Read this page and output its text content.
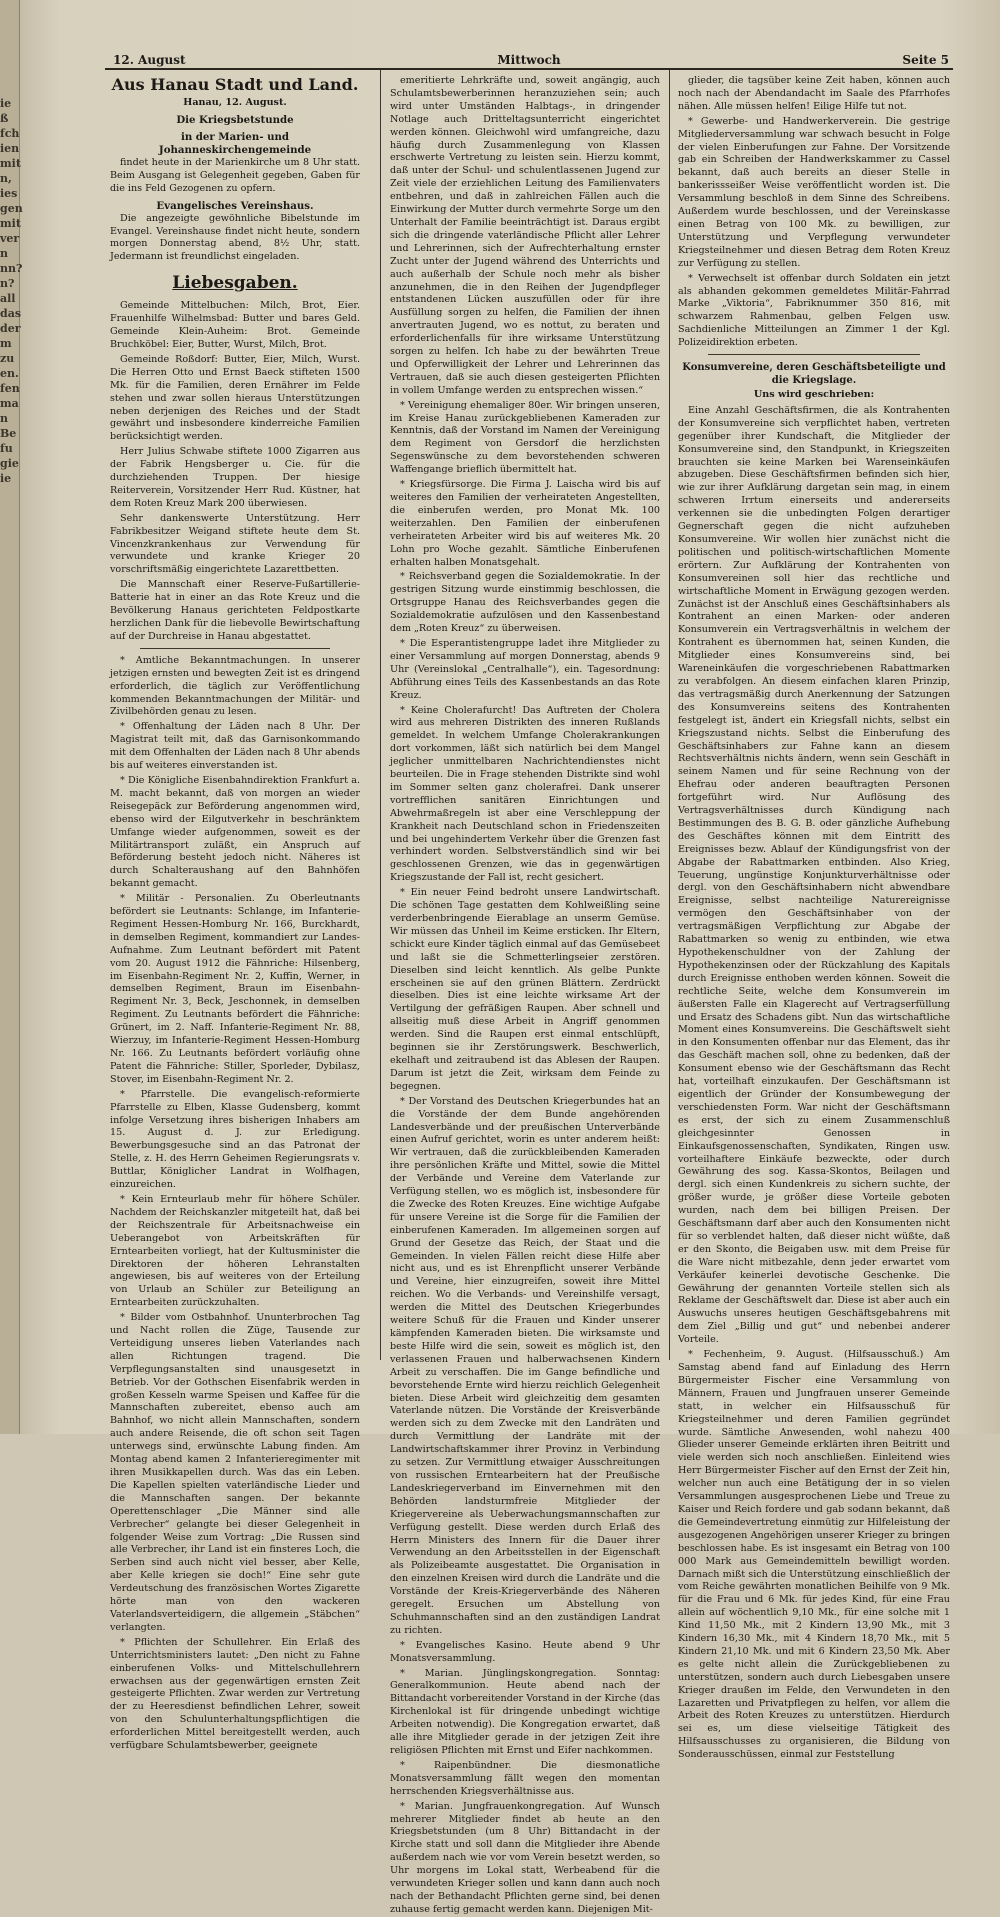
ie
ß
fch
ien
mit
n,
ies
gen
mit
ver
n
nn?
n?
all
das
der
m
zu
en.
fen
ma
n
Be
fu
gie
ie
12. August	Mittwoch	Seite 5
Aus Hanau Stadt und Land.

Hanau, 12. August.

Die Kriegsbetstunde
in der Marien- und Johanneskirchengemeinde

findet heute in der Marienkirche um 8 Uhr statt. Beim Ausgang ist Gelegenheit gegeben, Gaben für die ins Feld Gezogenen zu opfern.

Evangelisches Vereinshaus.

Die angezeigte gewöhnliche Bibelstunde im Evangel. Vereinshause findet nicht heute, sondern morgen Donnerstag abend, 8½ Uhr, statt. Jedermann ist freundlichst eingeladen.

Liebesgaben.

Gemeinde Mittelbuchen: Milch, Brot, Eier. Frauenhilfe Wilhelmsbad: Butter und bares Geld. Gemeinde Klein-Auheim: Brot. Gemeinde Bruchköbel: Eier, Butter, Wurst, Milch, Brot.

Gemeinde Roßdorf: Butter, Eier, Milch, Wurst. Die Herren Otto und Ernst Baeck stifteten 1500 Mk. für die Familien, deren Ernährer im Felde stehen und zwar sollen hieraus Unterstützungen neben derjenigen des Reiches und der Stadt gewährt und insbesondere kinderreiche Familien berücksichtigt werden.

Herr Julius Schwabe stiftete 1000 Zigarren aus der Fabrik Hengsberger u. Cie. für die durchziehenden Truppen. Der hiesige Reiterverein, Vorsitzender Herr Rud. Küstner, hat dem Roten Kreuz Mark 200 überwiesen.

Sehr dankenswerte Unterstützung. Herr Fabrikbesitzer Weigand stiftete heute dem St. Vincenzkrankenhaus zur Verwendung für verwundete und kranke Krieger 20 vorschriftsmäßig eingerichtete Lazarettbetten.

Die Mannschaft einer Reserve-Fußartillerie-Batterie hat in einer an das Rote Kreuz und die Bevölkerung Hanaus gerichteten Feldpostkarte herzlichen Dank für die liebevolle Bewirtschaftung auf der Durchreise in Hanau abgestattet.

* Amtliche Bekanntmachungen. In unserer jetzigen ernsten und bewegten Zeit ist es dringend erforderlich, die täglich zur Veröffentlichung kommenden Bekanntmachungen der Militär- und Zivilbehörden genau zu lesen.

* Offenhaltung der Läden nach 8 Uhr. Der Magistrat teilt mit, daß das Garnisonkommando mit dem Offenhalten der Läden nach 8 Uhr abends bis auf weiteres einverstanden ist.

* Die Königliche Eisenbahndirektion Frankfurt a. M. macht bekannt, daß von morgen an wieder Reisegepäck zur Beförderung angenommen wird, ebenso wird der Eilgutverkehr in beschränktem Umfange wieder aufgenommen, soweit es der Militärtransport zuläßt, ein Anspruch auf Beförderung besteht jedoch nicht. Näheres ist durch Schalteraushang auf den Bahnhöfen bekannt gemacht.

* Militär - Personalien. Zu Oberleutnants befördert sie Leutnants: Schlange, im Infanterie-Regiment Hessen-Homburg Nr. 166, Burckhardt, in demselben Regiment, kommandiert zur Landes-Aufnahme. Zum Leutnant befördert mit Patent vom 20. August 1912 die Fähnriche: Hilsenberg, im Eisenbahn-Regiment Nr. 2, Kuffin, Werner, in demselben Regiment, Braun im Eisenbahn-Regiment Nr. 3, Beck, Jeschonnek, in demselben Regiment. Zu Leutnants befördert die Fähnriche: Grünert, im 2. Naff. Infanterie-Regiment Nr. 88, Wierzuy, im Infanterie-Regiment Hessen-Homburg Nr. 166. Zu Leutnants befördert vorläufig ohne Patent die Fähnriche: Stiller, Sporleder, Dybilasz, Stover, im Eisenbahn-Regiment Nr. 2.

* Pfarrstelle. Die evangelisch-reformierte Pfarrstelle zu Elben, Klasse Gudensberg, kommt infolge Versetzung ihres bisherigen Inhabers am 15. August d. J. zur Erledigung. Bewerbungsgesuche sind an das Patronat der Stelle, z. H. des Herrn Geheimen Regierungsrats v. Buttlar, Königlicher Landrat in Wolfhagen, einzureichen.

* Kein Ernteurlaub mehr für höhere Schüler. Nachdem der Reichskanzler mitgeteilt hat, daß bei der Reichszentrale für Arbeitsnachweise ein Ueberangebot von Arbeitskräften für Erntearbeiten vorliegt, hat der Kultusminister die Direktoren der höheren Lehranstalten angewiesen, bis auf weiteres von der Erteilung von Urlaub an Schüler zur Beteiligung an Erntearbeiten zurückzuhalten.

* Bilder vom Ostbahnhof. Ununterbrochen Tag und Nacht rollen die Züge, Tausende zur Verteidigung unseres lieben Vaterlandes nach allen Richtungen tragend. Die Verpflegungsanstalten sind unausgesetzt in Betrieb. Vor der Gothschen Eisenfabrik werden in großen Kesseln warme Speisen und Kaffee für die Mannschaften zubereitet, ebenso auch am Bahnhof, wo nicht allein Mannschaften, sondern auch andere Reisende, die oft schon seit Tagen unterwegs sind, erwünschte Labung finden. Am Montag abend kamen 2 Infanterieregimenter mit ihren Musikkapellen durch. Was das ein Leben. Die Kapellen spielten vaterländische Lieder und die Mannschaften sangen. Der bekannte Operettenschlager „Die Männer sind alle Verbrecher“ gelangte bei dieser Gelegenheit in folgender Weise zum Vortrag: „Die Russen sind alle Verbrecher, ihr Land ist ein finsteres Loch, die Serben sind auch nicht viel besser, aber Kelle, aber Kelle kriegen sie doch!“ Eine sehr gute Verdeutschung des französischen Wortes Zigarette hörte man von den wackeren Vaterlandsverteidigern, die allgemein „Stäbchen“ verlangten.

* Pflichten der Schullehrer. Ein Erlaß des Unterrichtsministers lautet: „Den nicht zu Fahne einberufenen Volks- und Mittelschullehrern erwachsen aus der gegenwärtigen ernsten Zeit gesteigerte Pflichten. Zwar werden zur Vertretung der zu Heeresdienst befindlichen Lehrer, soweit von den Schulunterhaltungspflichtigen die erforderlichen Mittel bereitgestellt werden, auch verfügbare Schulamtsbewerber, geeignete

emeritierte Lehrkräfte und, soweit angängig, auch Schulamtsbewerberinnen heranzuziehen sein; auch wird unter Umständen Halbtags-, in dringender Notlage auch Dritteltagsunterricht eingerichtet werden können. Gleichwohl wird umfangreiche, dazu häufig durch Zusammenlegung von Klassen erschwerte Vertretung zu leisten sein. Hierzu kommt, daß unter der Schul- und schulentlassenen Jugend zur Zeit viele der erziehlichen Leitung des Familienvaters entbehren, und daß in zahlreichen Fällen auch die Einwirkung der Mutter durch vermehrte Sorge um den Unterhalt der Familie beeinträchtigt ist. Daraus ergibt sich die dringende vaterländische Pflicht aller Lehrer und Lehrerinnen, sich der Aufrechterhaltung ernster Zucht unter der Jugend während des Unterrichts und auch außerhalb der Schule noch mehr als bisher anzunehmen, die in den Reihen der Jugendpfleger entstandenen Lücken auszufüllen oder für ihre Ausfüllung sorgen zu helfen, die Familien der ihnen anvertrauten Jugend, wo es nottut, zu beraten und erforderlichenfalls für ihre wirksame Unterstützung sorgen zu helfen. Ich habe zu der bewährten Treue und Opferwilligkeit der Lehrer und Lehrerinnen das Vertrauen, daß sie auch diesen gesteigerten Pflichten in vollem Umfange werden zu entsprechen wissen.“

* Vereinigung ehemaliger 80er. Wir bringen unseren, im Kreise Hanau zurückgebliebenen Kameraden zur Kenntnis, daß der Vorstand im Namen der Vereinigung dem Regiment von Gersdorf die herzlichsten Segenswünsche zu dem bevorstehenden schweren Waffengange brieflich übermittelt hat.

* Kriegsfürsorge. Die Firma J. Laischa wird bis auf weiteres den Familien der verheirateten Angestellten, die einberufen werden, pro Monat Mk. 100 weiterzahlen. Den Familien der einberufenen verheirateten Arbeiter wird bis auf weiteres Mk. 20 Lohn pro Woche gezahlt. Sämtliche Einberufenen erhalten halben Monatsgehalt.

* Reichsverband gegen die Sozialdemokratie. In der gestrigen Sitzung wurde einstimmig beschlossen, die Ortsgruppe Hanau des Reichsverbandes gegen die Sozialdemokratie aufzulösen und den Kassenbestand dem „Roten Kreuz“ zu überweisen.

* Die Esperantistengruppe ladet ihre Mitglieder zu einer Versammlung auf morgen Donnerstag, abends 9 Uhr (Vereinslokal „Centralhalle“), ein. Tagesordnung: Abführung eines Teils des Kassenbestands an das Rote Kreuz.

* Keine Cholerafurcht! Das Auftreten der Cholera wird aus mehreren Distrikten des inneren Rußlands gemeldet. In welchem Umfange Cholerakrankungen dort vorkommen, läßt sich natürlich bei dem Mangel jeglicher unmittelbaren Nachrichtendienstes nicht beurteilen. Die in Frage stehenden Distrikte sind wohl im Sommer selten ganz cholerafrei. Dank unserer vortrefflichen sanitären Einrichtungen und Abwehrmaßregeln ist aber eine Verschleppung der Krankheit nach Deutschland schon in Friedenszeiten und bei ungehindertem Verkehr über die Grenzen fast verhindert worden. Selbstverständlich sind wir bei geschlossenen Grenzen, wie das in gegenwärtigen Kriegszustande der Fall ist, recht gesichert.

* Ein neuer Feind bedroht unsere Landwirtschaft. Die schönen Tage gestatten dem Kohlweißling seine verderbenbringende Eierablage an unserm Gemüse. Wir müssen das Unheil im Keime ersticken. Ihr Eltern, schickt eure Kinder täglich einmal auf das Gemüsebeet und laßt sie die Schmetterlingseier zerstören. Dieselben sind leicht kenntlich. Als gelbe Punkte erscheinen sie auf den grünen Blättern. Zerdrückt dieselben. Dies ist eine leichte wirksame Art der Vertilgung der gefräßigen Raupen. Aber schnell und allseitig muß diese Arbeit in Angriff genommen werden. Sind die Raupen erst einmal entschlüpft, beginnen sie ihr Zerstörungswerk. Beschwerlich, ekelhaft und zeitraubend ist das Ablesen der Raupen. Darum ist jetzt die Zeit, wirksam dem Feinde zu begegnen.

* Der Vorstand des Deutschen Kriegerbundes hat an die Vorstände der dem Bunde angehörenden Landesverbände und der preußischen Unterverbände einen Aufruf gerichtet, worin es unter anderem heißt: Wir vertrauen, daß die zurückbleibenden Kameraden ihre persönlichen Kräfte und Mittel, sowie die Mittel der Verbände und Vereine dem Vaterlande zur Verfügung stellen, wo es möglich ist, insbesondere für die Zwecke des Roten Kreuzes. Eine wichtige Aufgabe für unsere Vereine ist die Sorge für die Familien der einberufenen Kameraden. Im allgemeinen sorgen auf Grund der Gesetze das Reich, der Staat und die Gemeinden. In vielen Fällen reicht diese Hilfe aber nicht aus, und es ist Ehrenpflicht unserer Verbände und Vereine, hier einzugreifen, soweit ihre Mittel reichen. Wo die Verbands- und Vereinshilfe versagt, werden die Mittel des Deutschen Kriegerbundes weitere Schuß für die Frauen und Kinder unserer kämpfenden Kameraden bieten. Die wirksamste und beste Hilfe wird die sein, soweit es möglich ist, den verlassenen Frauen und halberwachsenen Kindern Arbeit zu verschaffen. Die im Gange befindliche und bevorstehende Ernte wird hierzu reichlich Gelegenheit bieten. Diese Arbeit wird gleichzeitig dem gesamten Vaterlande nützen. Die Vorstände der Kreisverbände werden sich zu dem Zwecke mit den Landräten und durch Vermittlung der Landräte mit der Landwirtschaftskammer ihrer Provinz in Verbindung zu setzen. Zur Vermittlung etwaiger Ausschreitungen von russischen Erntearbeitern hat der Preußische Landeskriegerverband im Einvernehmen mit den Behörden landsturmfreie Mitglieder der Kriegervereine als Ueberwachungsmannschaften zur Verfügung gestellt. Diese werden durch Erlaß des Herrn Ministers des Innern für die Dauer ihrer Verwendung an den Arbeitsstellen in der Eigenschaft als Polizeibeamte ausgestattet. Die Organisation in den einzelnen Kreisen wird durch die Landräte und die Vorstände der Kreis-Kriegerverbände des Näheren geregelt. Ersuchen um Abstellung von Schuhmannschaften sind an den zuständigen Landrat zu richten.

* Evangelisches Kasino. Heute abend 9 Uhr Monatsversammlung.

* Marian. Jünglingskongregation. Sonntag: Generalkommunion. Heute abend nach der Bittandacht vorbereitender Vorstand in der Kirche (das Kirchenlokal ist für dringende unbedingt wichtige Arbeiten notwendig). Die Kongregation erwartet, daß alle ihre Mitglieder gerade in der jetzigen Zeit ihre religiösen Pflichten mit Ernst und Eifer nachkommen.

* Raipenbündner. Die diesmonatliche Monatsversammlung fällt wegen den momentan herrschenden Kriegsverhältnisse aus.

* Marian. Jungfrauenkongregation. Auf Wunsch mehrerer Mitglieder findet ab heute an den Kriegsbetstunden (um 8 Uhr) Bittandacht in der Kirche statt und soll dann die Mitglieder ihre Abende außerdem nach wie vor vom Verein besetzt werden, so Uhr morgens im Lokal statt, Werbeabend für die verwundeten Krieger sollen und kann dann auch noch nach der Bethandacht Pflichten gerne sind, bei denen zuhause fertig gemacht werden kann. Diejenigen Mit-

glieder, die tagsüber keine Zeit haben, können auch noch nach der Abendandacht im Saale des Pfarrhofes nähen. Alle müssen helfen! Eilige Hilfe tut not.

* Gewerbe- und Handwerkerverein. Die gestrige Mitgliederversammlung war schwach besucht in Folge der vielen Einberufungen zur Fahne. Der Vorsitzende gab ein Schreiben der Handwerkskammer zu Cassel bekannt, daß auch bereits an dieser Stelle in bankerissseißer Weise veröffentlicht worden ist. Die Versammlung beschloß in dem Sinne des Schreibens. Außerdem wurde beschlossen, und der Vereinskasse einen Betrag von 100 Mk. zu bewilligen, zur Unterstützung und Verpflegung verwundeter Kriegsteilnehmer und diesen Betrag dem Roten Kreuz zur Verfügung zu stellen.

* Verwechselt ist offenbar durch Soldaten ein jetzt als abhanden gekommen gemeldetes Militär-Fahrrad Marke „Viktoria“, Fabriknummer 350 816, mit schwarzem Rahmenbau, gelben Felgen usw. Sachdienliche Mitteilungen an Zimmer 1 der Kgl. Polizeidirektion erbeten.

Konsumvereine, deren Geschäftsbeteiligte und die Kriegslage.

Uns wird geschrieben:

Eine Anzahl Geschäftsfirmen, die als Kontrahenten der Konsumvereine sich verpflichtet haben, vertreten gegenüber ihrer Kundschaft, die Mitglieder der Konsumvereine sind, den Standpunkt, in Kriegszeiten brauchten sie keine Marken bei Warenseinkäufen abzugeben. Diese Geschäftsfirmen befinden sich hier, wie zur ihrer Aufklärung dargetan sein mag, in einem schweren Irrtum einerseits und andererseits verkennen sie die unbedingten Folgen derartiger Gegnerschaft gegen die nicht aufzuheben Konsumvereine. Wir wollen hier zunächst nicht die politischen und politisch-wirtschaftlichen Momente erörtern. Zur Aufklärung der Kontrahenten von Konsumvereinen soll hier das rechtliche und wirtschaftliche Moment in Erwägung gezogen werden. Zunächst ist der Anschluß eines Geschäftsinhabers als Kontrahent an einen Marken- oder anderen Konsumverein ein Vertragsverhältnis in welchem der Kontrahent es übernommen hat, seinen Kunden, die Mitglieder eines Konsumvereins sind, bei Wareneinkäufen die vorgeschriebenen Rabattmarken zu verabfolgen. An diesem einfachen klaren Prinzip, das vertragsmäßig durch Anerkennung der Satzungen des Konsumvereins seitens des Kontrahenten festgelegt ist, ändert ein Kriegsfall nichts, selbst ein Kriegszustand nichts. Selbst die Einberufung des Geschäftsinhabers zur Fahne kann an diesem Rechtsverhältnis nichts ändern, wenn sein Geschäft in seinem Namen und für seine Rechnung von der Ehefrau oder anderen beauftragten Personen fortgeführt wird. Nur Auflösung des Vertragsverhältnisses durch Kündigung nach Bestimmungen des B. G. B. oder gänzliche Aufhebung des Geschäftes können mit dem Eintritt des Ereignisses bezw. Ablauf der Kündigungsfrist von der Abgabe der Rabattmarken entbinden. Also Krieg, Teuerung, ungünstige Konjunkturverhältnisse oder dergl. von den Geschäftsinhabern nicht abwendbare Ereignisse, selbst nachteilige Naturereignisse vermögen den Geschäftsinhaber von der vertragsmäßigen Verpflichtung zur Abgabe der Rabattmarken so wenig zu entbinden, wie etwa Hypothekenschuldner von der Zahlung der Hypothekenzinsen oder der Rückzahlung des Kapitals durch Ereignisse enthoben werden können. Soweit die rechtliche Seite, welche dem Konsumverein im äußersten Falle ein Klagerecht auf Vertragserfüllung und Ersatz des Schadens gibt. Nun das wirtschaftliche Moment eines Konsumvereins. Die Geschäftswelt sieht in den Konsumenten offenbar nur das Element, das ihr das Geschäft machen soll, ohne zu bedenken, daß der Konsument ebenso wie der Geschäftsmann das Recht hat, vorteilhaft einzukaufen. Der Geschäftsmann ist eigentlich der Gründer der Konsumbewegung der verschiedensten Form. War nicht der Geschäftsmann es erst, der sich zu einem Zusammenschluß gleichgesinnter Genossen in Einkaufsgenossenschaften, Syndikaten, Ringen usw. vorteilhaftere Einkäufe bezweckte, oder durch Gewährung des sog. Kassa-Skontos, Beilagen und dergl. sich einen Kundenkreis zu sichern suchte, der größer wurde, je größer diese Vorteile geboten wurden, nach dem bei billigen Preisen. Der Geschäftsmann darf aber auch den Konsumenten nicht für so verblendet halten, daß dieser nicht wüßte, daß er den Skonto, die Beigaben usw. mit dem Preise für die Ware nicht mitbezahle, denn jeder erwartet vom Verkäufer keinerlei devotische Geschenke. Die Gewährung der genannten Vorteile stellen sich als Reklame der Geschäftswelt dar. Diese ist aber auch ein Auswuchs unseres heutigen Geschäftsgebahrens mit dem Ziel „Billig und gut“ und nebenbei anderer Vorteile.

* Fechenheim, 9. August. (Hilfsausschuß.) Am Samstag abend fand auf Einladung des Herrn Bürgermeister Fischer eine Versammlung von Männern, Frauen und Jungfrauen unserer Gemeinde statt, in welcher ein Hilfsausschuß für Kriegsteilnehmer und deren Familien gegründet wurde. Sämtliche Anwesenden, wohl nahezu 400 Glieder unserer Gemeinde erklärten ihren Beitritt und viele werden sich noch anschließen. Einleitend wies Herr Bürgermeister Fischer auf den Ernst der Zeit hin, welcher nun auch eine Betätigung der in so vielen Versammlungen ausgesprochenen Liebe und Treue zu Kaiser und Reich fordere und gab sodann bekannt, daß die Gemeindevertretung einmütig zur Hilfeleistung der ausgezogenen Angehörigen unserer Krieger zu bringen beschlossen habe. Es ist insgesamt ein Betrag von 100 000 Mark aus Gemeindemitteln bewilligt worden. Darnach mißt sich die Unterstützung einschließlich der vom Reiche gewährten monatlichen Beihilfe von 9 Mk. für die Frau und 6 Mk. für jedes Kind, für eine Frau allein auf wöchentlich 9,10 Mk., für eine solche mit 1 Kind 11,50 Mk., mit 2 Kindern 13,90 Mk., mit 3 Kindern 16,30 Mk., mit 4 Kindern 18,70 Mk., mit 5 Kindern 21,10 Mk. und mit 6 Kindern 23,50 Mk. Aber es gelte nicht allein die Zurückgebliebenen zu unterstützen, sondern auch durch Liebesgaben unsere Krieger draußen im Felde, den Verwundeten in den Lazaretten und Privatpflegen zu helfen, vor allem die Arbeit des Roten Kreuzes zu unterstützen. Hierdurch sei es, um diese vielseitige Tätigkeit des Hilfsausschusses zu organisieren, die Bildung von Sonderausschüssen, einmal zur Feststellung
